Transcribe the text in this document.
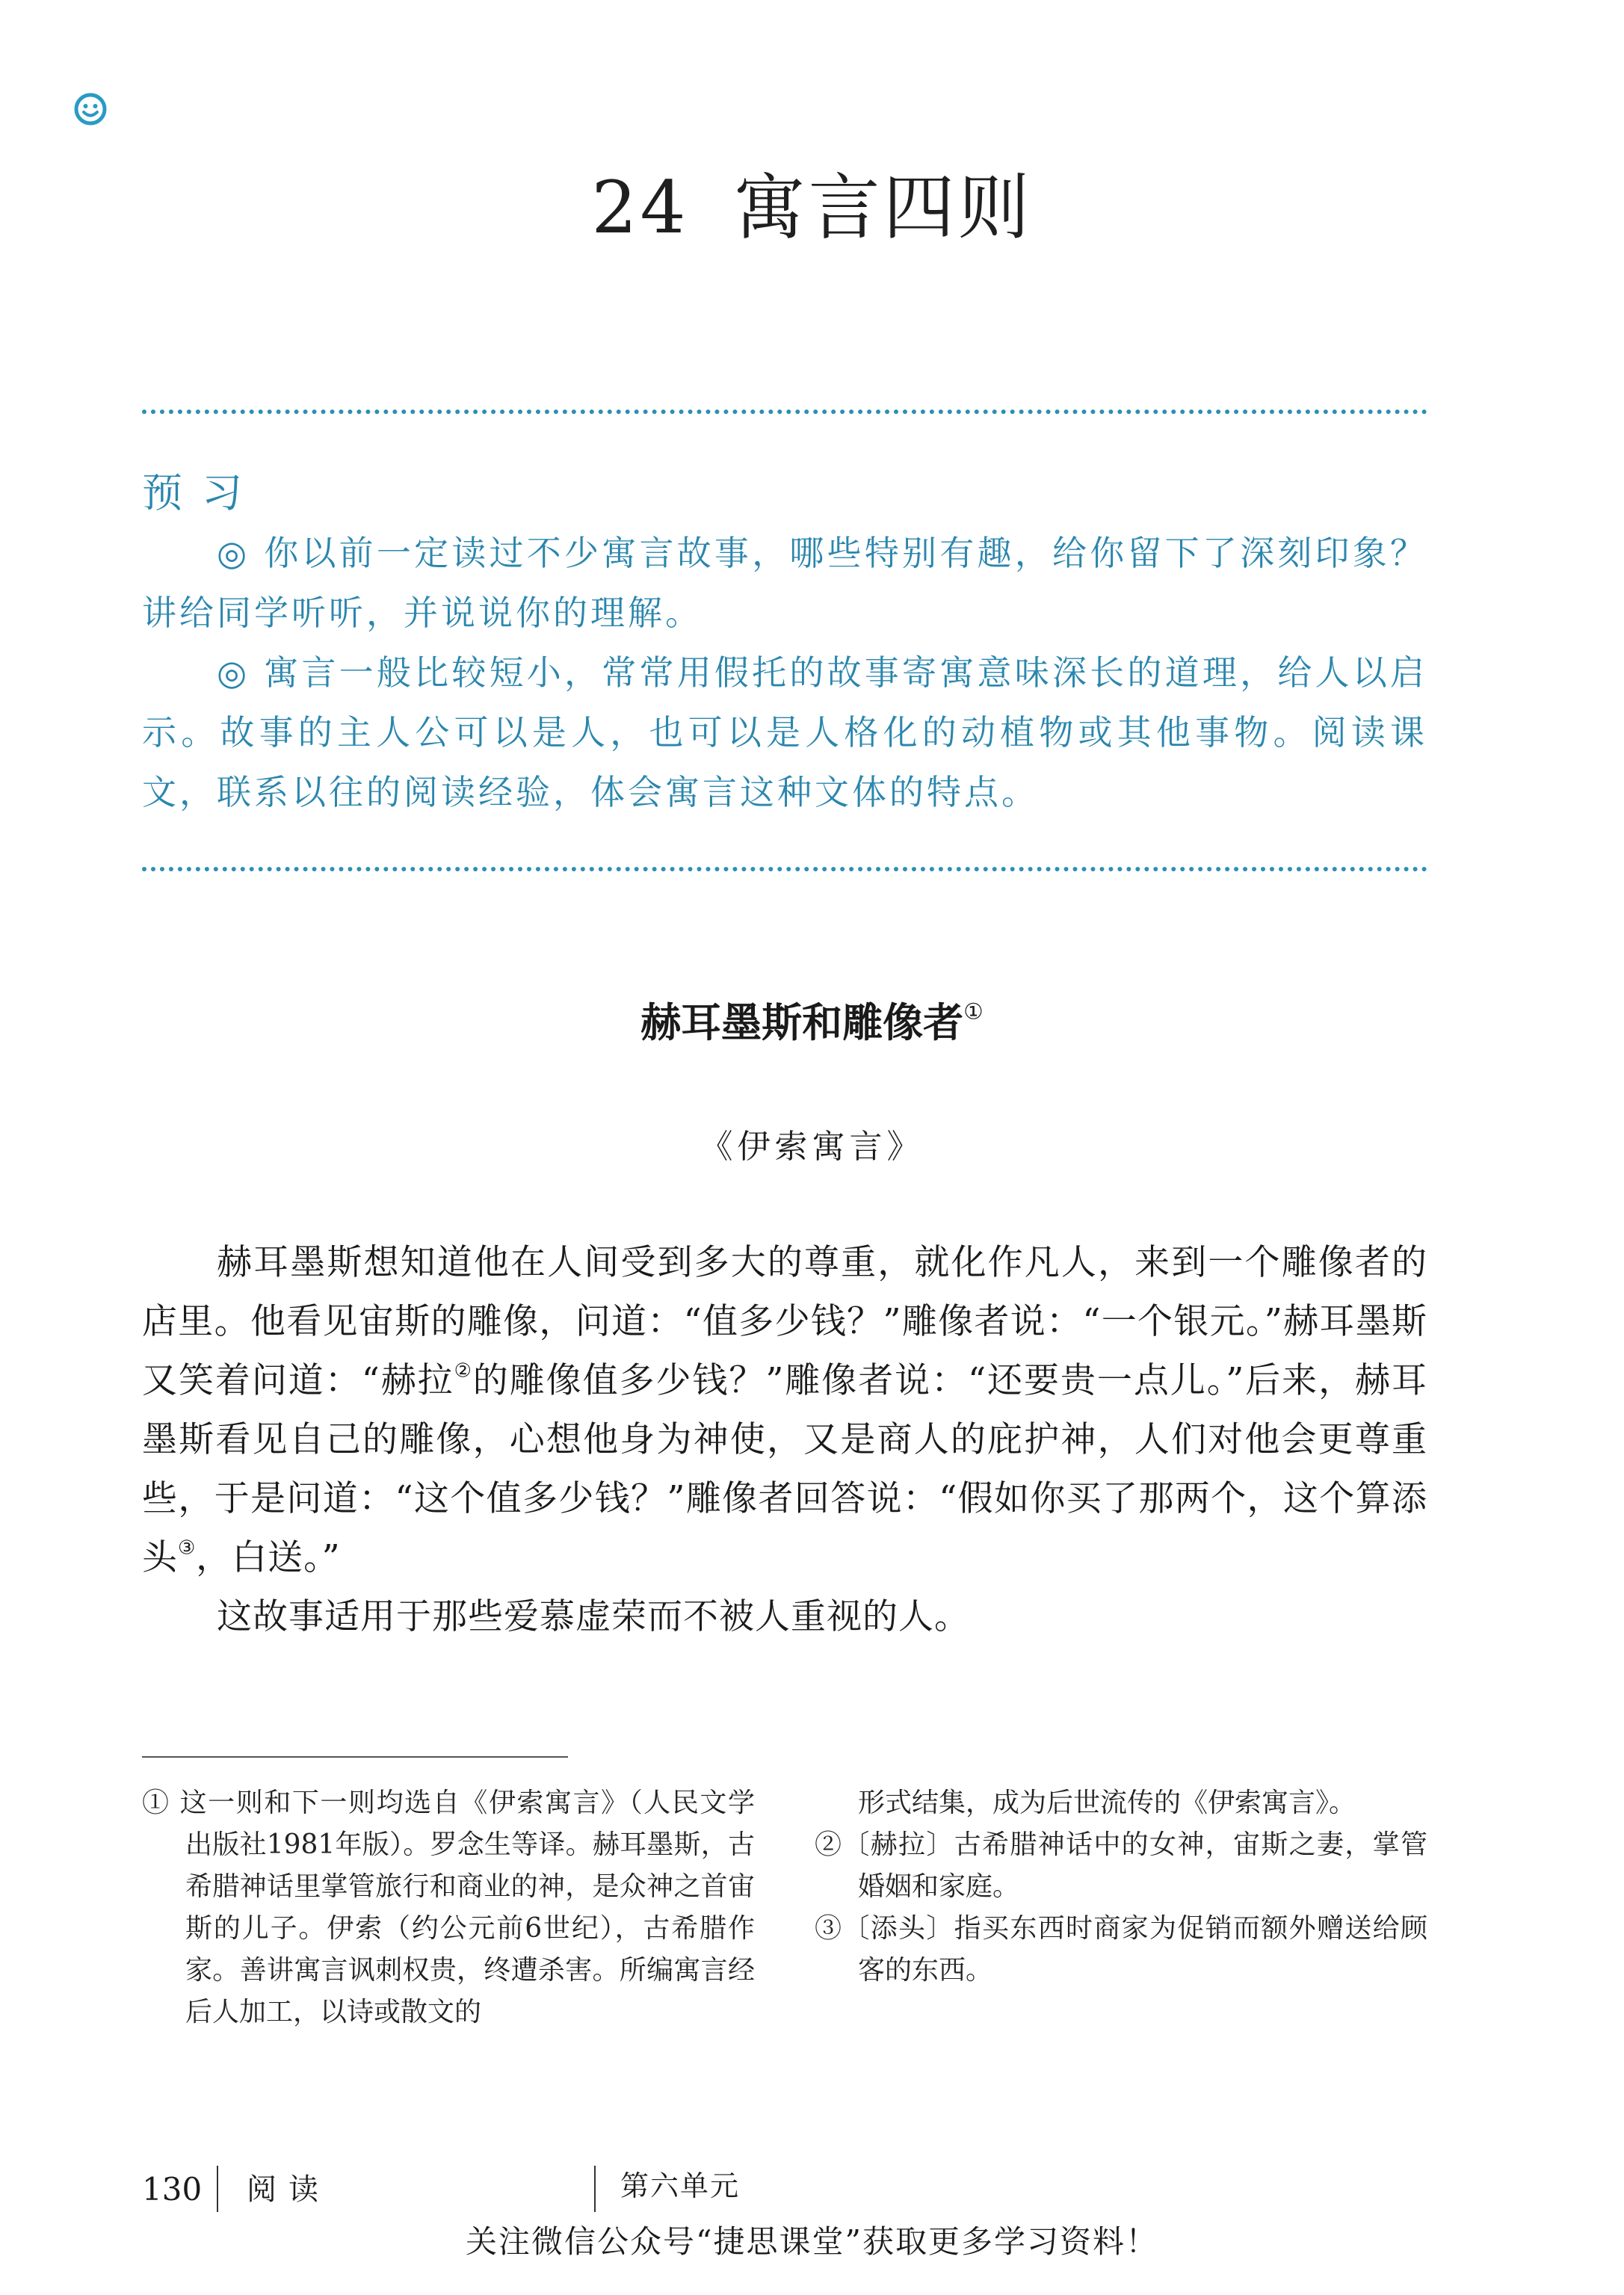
24 寓言四则
预习

◎ 你以前一定读过不少寓言故事，哪些特别有趣，给你留下了深刻印象？讲给同学听听，并说说你的理解。

◎ 寓言一般比较短小，常常用假托的故事寄寓意味深长的道理，给人以启示。故事的主人公可以是人，也可以是人格化的动植物或其他事物。阅读课文，联系以往的阅读经验，体会寓言这种文体的特点。

赫耳墨斯和雕像者①
《伊索寓言》

赫耳墨斯想知道他在人间受到多大的尊重，就化作凡人，来到一个雕像者的店里。他看见宙斯的雕像，问道：“值多少钱？”雕像者说：“一个银元。”赫耳墨斯又笑着问道：“赫拉②的雕像值多少钱？”雕像者说：“还要贵一点儿。”后来，赫耳墨斯看见自己的雕像，心想他身为神使，又是商人的庇护神，人们对他会更尊重些，于是问道：“这个值多少钱？”雕像者回答说：“假如你买了那两个，这个算添头③，白送。”

这故事适用于那些爱慕虚荣而不被人重视的人。

① 这一则和下一则均选自《伊索寓言》（人民文学出版社1981年版）。罗念生等译。赫耳墨斯，古希腊神话里掌管旅行和商业的神，是众神之首宙斯的儿子。伊索（约公元前6世纪），古希腊作家。善讲寓言讽刺权贵，终遭杀害。所编寓言经后人加工，以诗或散文的

形式结集，成为后世流传的《伊索寓言》。

②〔赫拉〕古希腊神话中的女神，宙斯之妻，掌管婚姻和家庭。

③〔添头〕指买东西时商家为促销而额外赠送给顾客的东西。

130 阅读	第六单元
关注微信公众号“捷思课堂”获取更多学习资料！
